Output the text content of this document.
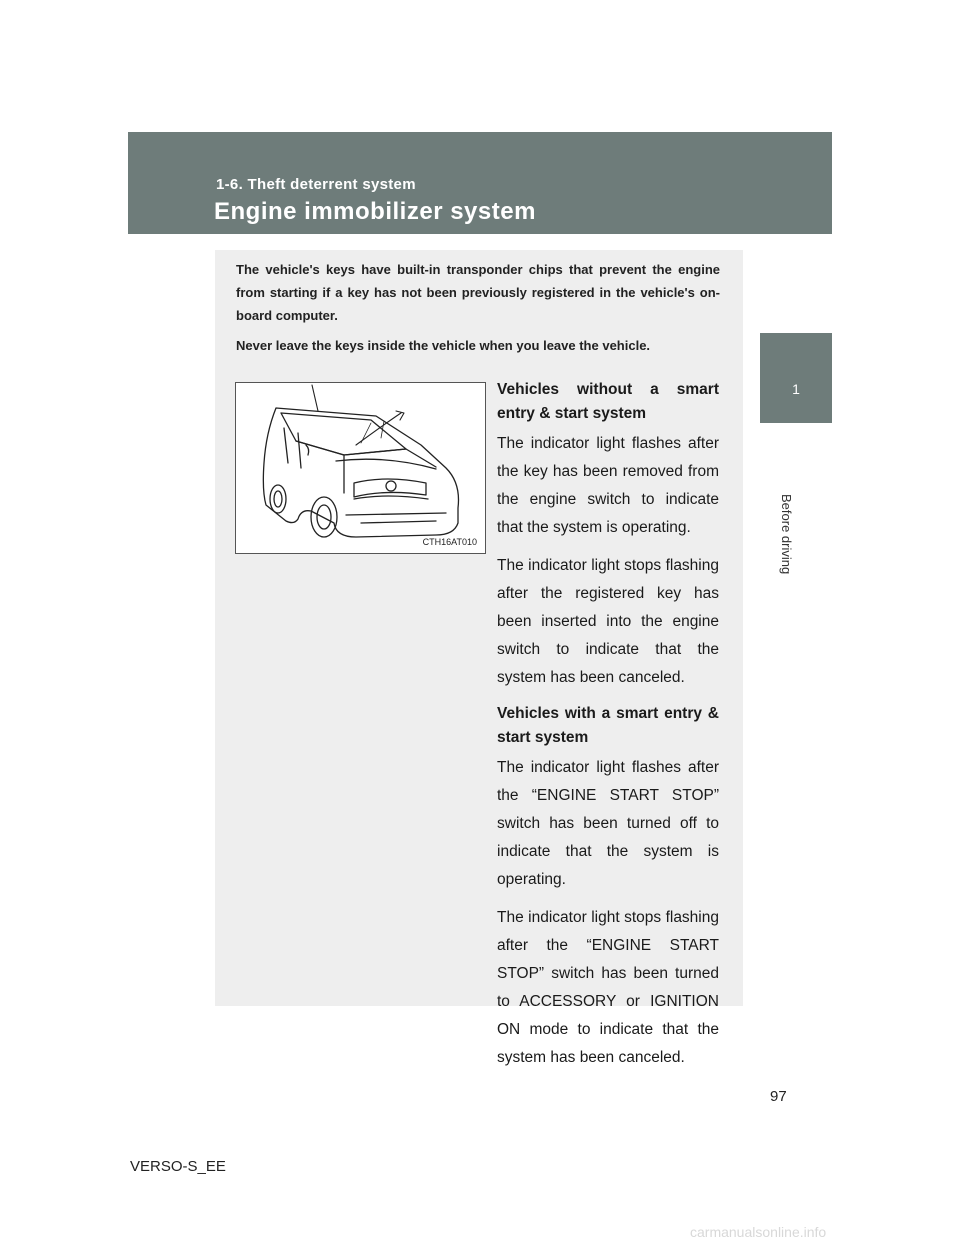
1-6. Theft deterrent system
Engine immobilizer system
1
Before driving

The vehicle's keys have built-in transponder chips that prevent the engine from starting if a key has not been previously registered in the vehicle's on-board computer.

Never leave the keys inside the vehicle when you leave the vehicle.

CTH16AT010
Vehicles without a smart entry & start system

The indicator light flashes after the key has been removed from the engine switch to indicate that the system is operating.

The indicator light stops flashing after the registered key has been inserted into the engine switch to indicate that the system has been canceled.

Vehicles with a smart entry & start system

The indicator light flashes after the “ENGINE START STOP” switch has been turned off to indicate that the system is operating.

The indicator light stops flashing after the “ENGINE START STOP” switch has been turned to ACCESSORY or IGNITION ON mode to indicate that the system has been canceled.

97
VERSO-S_EE
carmanualsonline.info
